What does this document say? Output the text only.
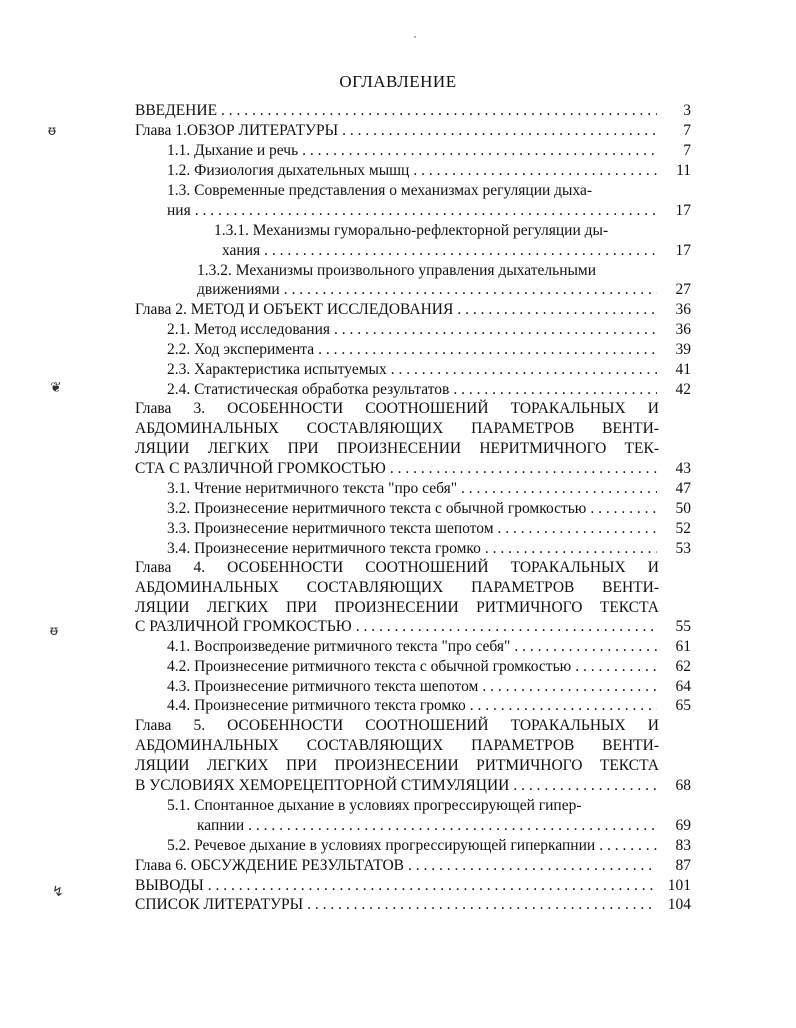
ОГЛАВЛЕНИЕ
ᵿ
❦
ᵿ
↯
ВВЕДЕНИЕ . . .	3
Глава 1.ОБЗОР ЛИТЕРАТУРЫ . . .	7
1.1. Дыхание и речь . . .	7
1.2. Физиология дыхательных мышц . . .	11
1.3. Современные представления о механизмах регуляции дыха-
ния . . .	17
1.3.1. Механизмы гуморально-рефлекторной регуляции ды-
хания . . .	17
1.3.2. Механизмы произвольного управления дыхательными
движениями . . .	27
Глава 2. МЕТОД И ОБЪЕКТ ИССЛЕДОВАНИЯ . . .	36
2.1. Метод исследования . . .	36
2.2. Ход эксперимента . . .	39
2.3. Характеристика испытуемых . . .	41
2.4. Статистическая обработка результатов . . .	42
Глава 3. ОСОБЕННОСТИ СООТНОШЕНИЙ ТОРАКАЛЬНЫХ И
АБДОМИНАЛЬНЫХ СОСТАВЛЯЮЩИХ ПАРАМЕТРОВ ВЕНТИ-
ЛЯЦИИ ЛЕГКИХ ПРИ ПРОИЗНЕСЕНИИ НЕРИТМИЧНОГО ТЕК-
СТА С РАЗЛИЧНОЙ ГРОМКОСТЬЮ . . .	43
3.1. Чтение неритмичного текста "про себя" . . .	47
3.2. Произнесение неритмичного текста с обычной громкостью . . .	50
3.3. Произнесение неритмичного текста шепотом . . .	52
3.4. Произнесение неритмичного текста громко . . .	53
Глава 4. ОСОБЕННОСТИ СООТНОШЕНИЙ ТОРАКАЛЬНЫХ И
АБДОМИНАЛЬНЫХ СОСТАВЛЯЮЩИХ ПАРАМЕТРОВ ВЕНТИ-
ЛЯЦИИ ЛЕГКИХ ПРИ ПРОИЗНЕСЕНИИ РИТМИЧНОГО ТЕКСТА
С РАЗЛИЧНОЙ ГРОМКОСТЬЮ . . .	55
4.1. Воспроизведение ритмичного текста "про себя" . . .	61
4.2. Произнесение ритмичного текста с обычной громкостью . . .	62
4.3. Произнесение ритмичного текста шепотом . . .	64
4.4. Произнесение ритмичного текста громко . . .	65
Глава 5. ОСОБЕННОСТИ СООТНОШЕНИЙ ТОРАКАЛЬНЫХ И
АБДОМИНАЛЬНЫХ СОСТАВЛЯЮЩИХ ПАРАМЕТРОВ ВЕНТИ-
ЛЯЦИИ ЛЕГКИХ ПРИ ПРОИЗНЕСЕНИИ РИТМИЧНОГО ТЕКСТА
В УСЛОВИЯХ ХЕМОРЕЦЕПТОРНОЙ СТИМУЛЯЦИИ . . .	68
5.1. Спонтанное дыхание в условиях прогрессирующей гипер-
капнии . . .	69
5.2. Речевое дыхание в условиях прогрессирующей гиперкапнии . . .	83
Глава 6. ОБСУЖДЕНИЕ РЕЗУЛЬТАТОВ . . .	87
ВЫВОДЫ . . .	101
СПИСОК ЛИТЕРАТУРЫ . . .	104
